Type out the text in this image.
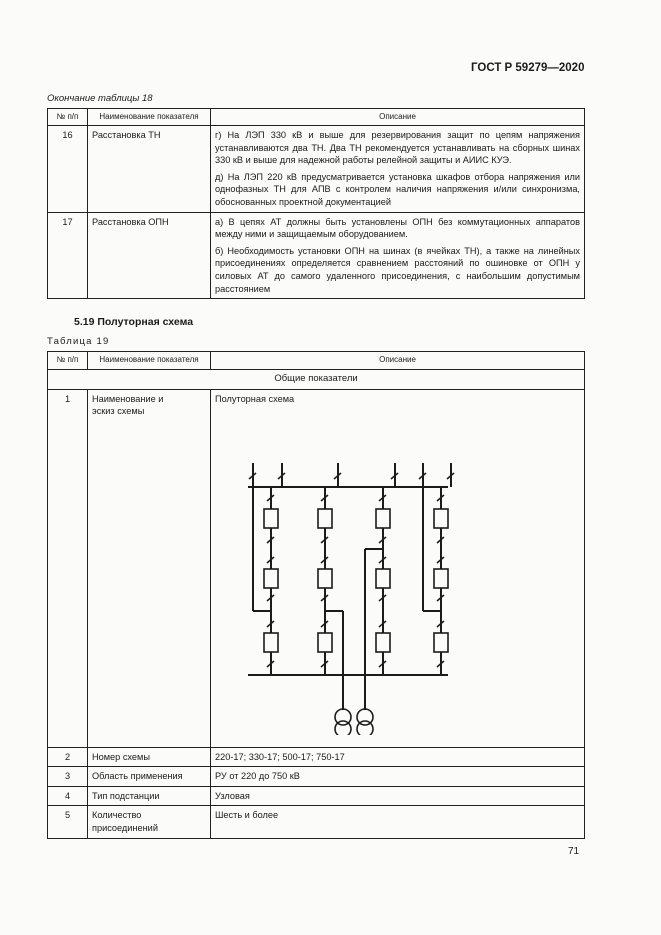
ГОСТ Р 59279—2020
Окончание таблицы 18
№ п/п	Наименование показателя	Описание
16	Расстановка ТН	г) На ЛЭП 330 кВ и выше для резервирования защит по цепям напряжения устанавливаются два ТН. Два ТН рекомендуется устанавливать на сборных шинах 330 кВ и выше для надежной работы релейной защиты и АИИС КУЭ.

д) На ЛЭП 220 кВ предусматривается установка шкафов отбора напряжения или однофазных ТН для АПВ с контролем наличия напряжения и/или синхронизма, обоснованных проектной документацией

17	Расстановка ОПН	а) В цепях АТ должны быть установлены ОПН без коммутационных аппаратов между ними и защищаемым оборудованием.

б) Необходимость установки ОПН на шинах (в ячейках ТН), а также на линейных присоединениях определяется сравнением расстояний по ошиновке от ОПН у силовых АТ до самого удаленного присоединения, с наибольшим допустимым расстоянием

5.19 Полуторная схема
Таблица 19
№ п/п	Наименование показателя	Описание
Общие показатели		
1	Наименование и эскиз схемы	Полуторная схема

2	Номер схемы	220-17; 330-17; 500-17; 750-17
3	Область применения	РУ от 220 до 750 кВ
4	Тип подстанции	Узловая
5	Количество присоединений	Шесть и более
71
